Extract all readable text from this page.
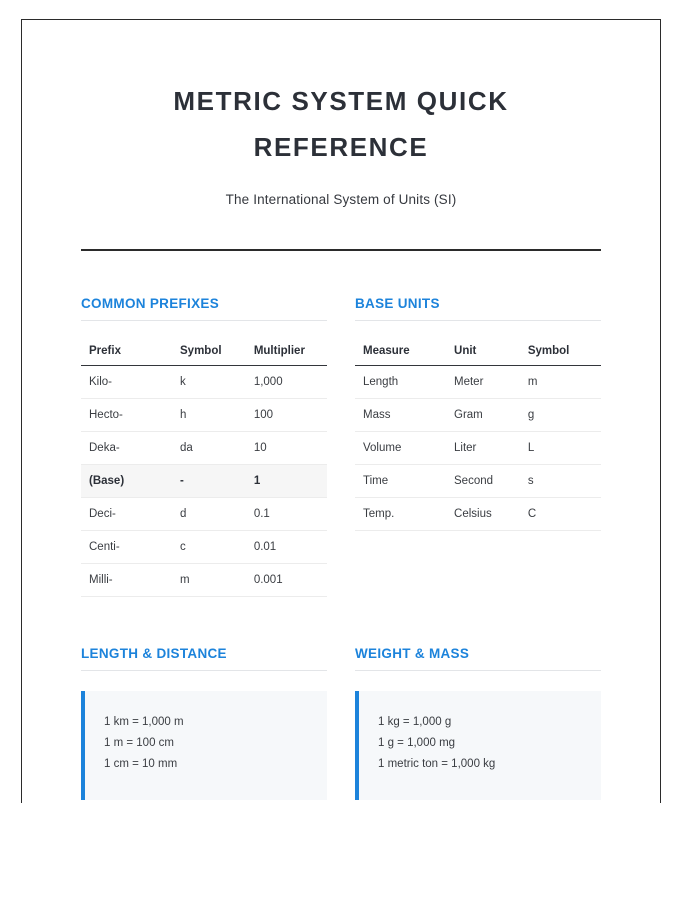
METRIC SYSTEM QUICK REFERENCE
The International System of Units (SI)
COMMON PREFIXES
Prefix	Symbol	Multiplier
Kilo-	k	1,000
Hecto-	h	100
Deka-	da	10
(Base)	-	1
Deci-	d	0.1
Centi-	c	0.01
Milli-	m	0.001
BASE UNITS
Measure	Unit	Symbol
Length	Meter	m
Mass	Gram	g
Volume	Liter	L
Time	Second	s
Temp.	Celsius	C
LENGTH & DISTANCE
1 km = 1,000 m
1 m = 100 cm
1 cm = 10 mm
WEIGHT & MASS
1 kg = 1,000 g
1 g = 1,000 mg
1 metric ton = 1,000 kg
